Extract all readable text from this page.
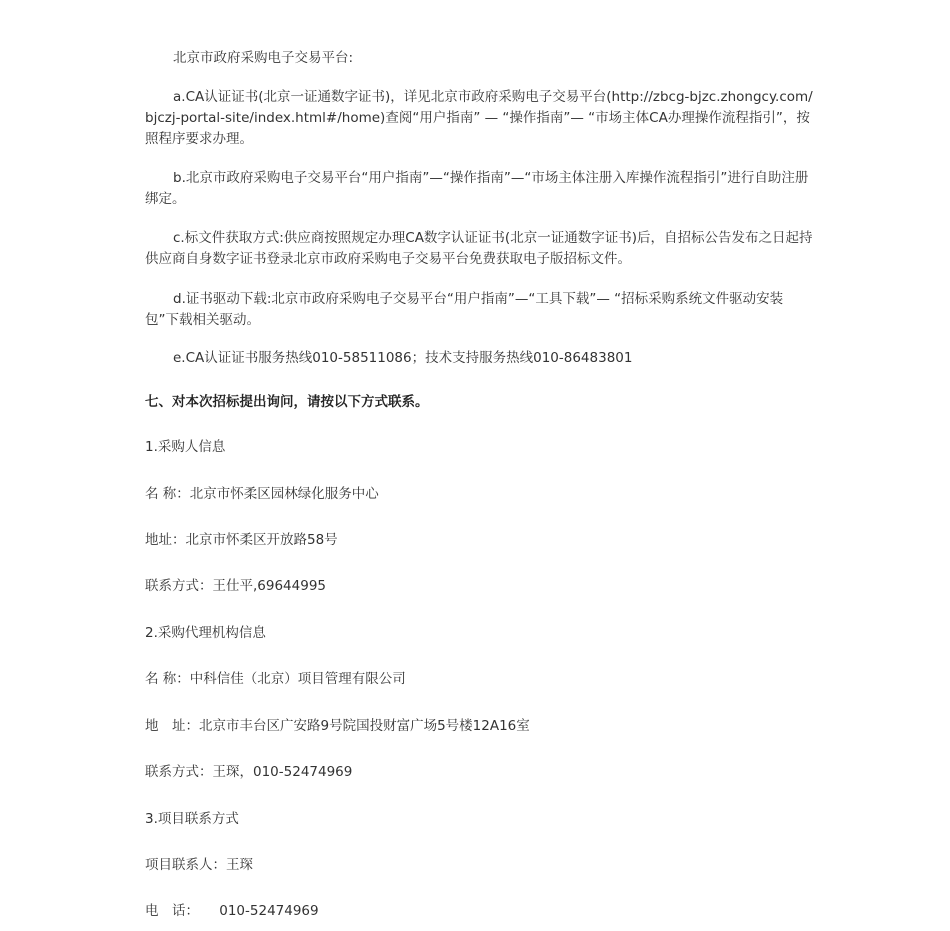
北京市政府采购电子交易平台:

a.CA认证证书(北京一证通数字证书)，详见北京市政府采购电子交易平台(http://zbcg-bjzc.zhongcy.com/bjczj-portal-site/index.html#/home)查阅“用户指南” — “操作指南”— “市场主体CA办理操作流程指引”，按照程序要求办理。

b.北京市政府采购电子交易平台“用户指南”—“操作指南”—“市场主体注册入库操作流程指引”进行自助注册绑定。

c.标文件获取方式:供应商按照规定办理CA数字认证证书(北京一证通数字证书)后，自招标公告发布之日起持供应商自身数字证书登录北京市政府采购电子交易平台免费获取电子版招标文件。

d.证书驱动下载:北京市政府采购电子交易平台“用户指南”—“工具下载”— “招标采购系统文件驱动安装包”下载相关驱动。

e.CA认证证书服务热线010-58511086；技术支持服务热线010-86483801

七、对本次招标提出询问，请按以下方式联系。

1.采购人信息

名 称：北京市怀柔区园林绿化服务中心

地址：北京市怀柔区开放路58号

联系方式：王仕平,69644995

2.采购代理机构信息

名 称：中科信佳（北京）项目管理有限公司

地　址：北京市丰台区广安路9号院国投财富广场5号楼12A16室

联系方式：王琛，010-52474969

3.项目联系方式

项目联系人：王琛

电　话：　　010-52474969
